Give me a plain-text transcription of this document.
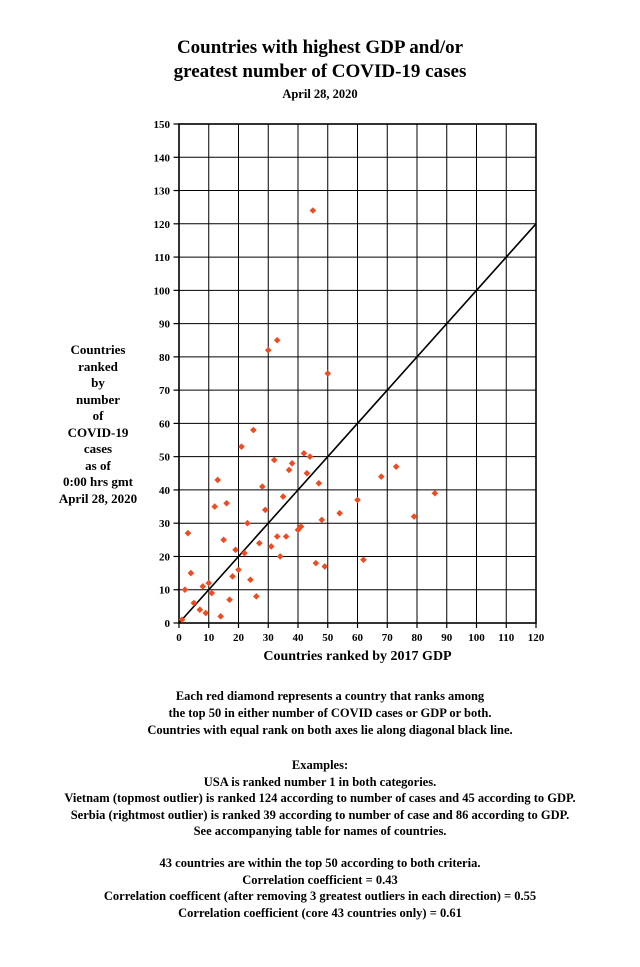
Countries with highest GDP and/or
greatest number of COVID-19 cases
April 28, 2020
Countries
ranked
by
number
of
COVID-19
cases
as of
0:00 hrs gmt
April 28, 2020
0 10 20 30 40 50 60 70 80 90 100 110 120
0
10
20
30
40
50
60
70
80
90
100
110
120
130
140
150
Countries ranked by 2017 GDP
Each red diamond represents a country that ranks among
the top 50 in either number of COVID cases or GDP or both.
Countries with equal rank on both axes lie along diagonal black line.
Examples:
USA is ranked number 1 in both categories.
Vietnam (topmost outlier) is ranked 124 according to number of cases and 45 according to GDP.
Serbia (rightmost outlier) is ranked 39 according to number of case and 86 according to GDP.
See accompanying table for names of countries.
43 countries are within the top 50 according to both criteria.
Correlation coefficient = 0.43
Correlation coefficent (after removing 3 greatest outliers in each direction) = 0.55
Correlation coefficient (core 43 countries only) = 0.61
